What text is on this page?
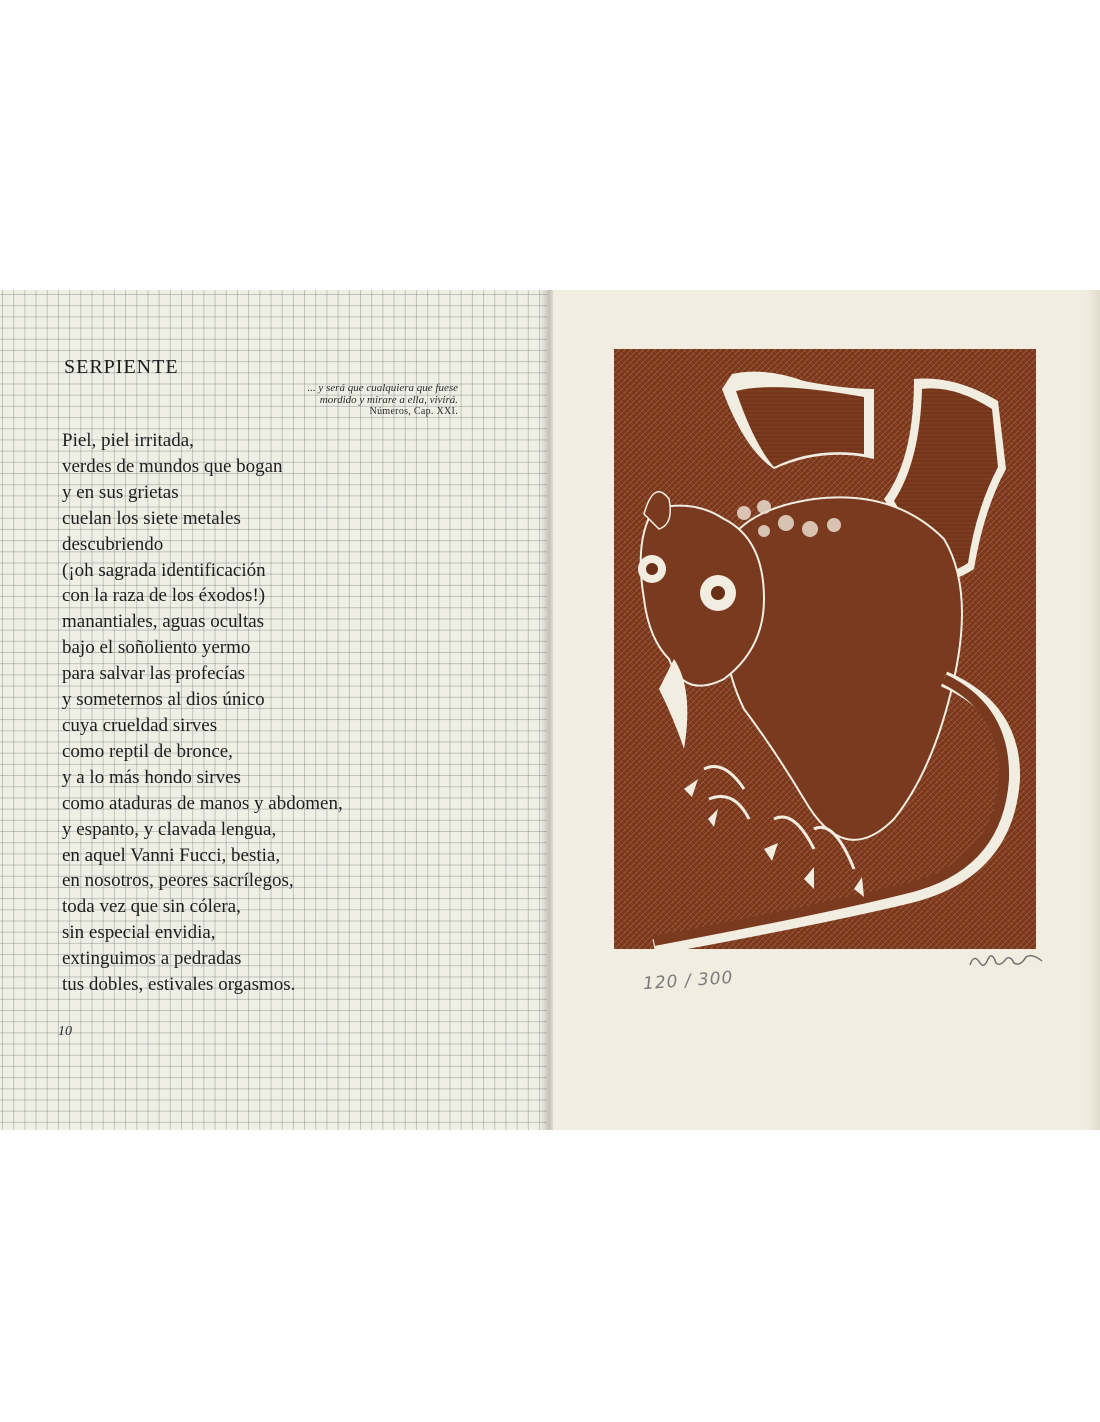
SERPIENTE
... y será que cualquiera que fuese
mordido y mirare a ella, vivirá.
Números, Cap. XXI.
Piel, piel irritada,
verdes de mundos que bogan
y en sus grietas
cuelan los siete metales
descubriendo
(¡oh sagrada identificación
con la raza de los éxodos!)
manantiales, aguas ocultas
bajo el soñoliento yermo
para salvar las profecías
y someternos al dios único
cuya crueldad sirves
como reptil de bronce,
y a lo más hondo sirves
como ataduras de manos y abdomen,
y espanto, y clavada lengua,
en aquel Vanni Fucci, bestia,
en nosotros, peores sacrílegos,
toda vez que sin cólera,
sin especial envidia,
extinguimos a pedradas
tus dobles, estivales orgasmos.
10
120 / 300
